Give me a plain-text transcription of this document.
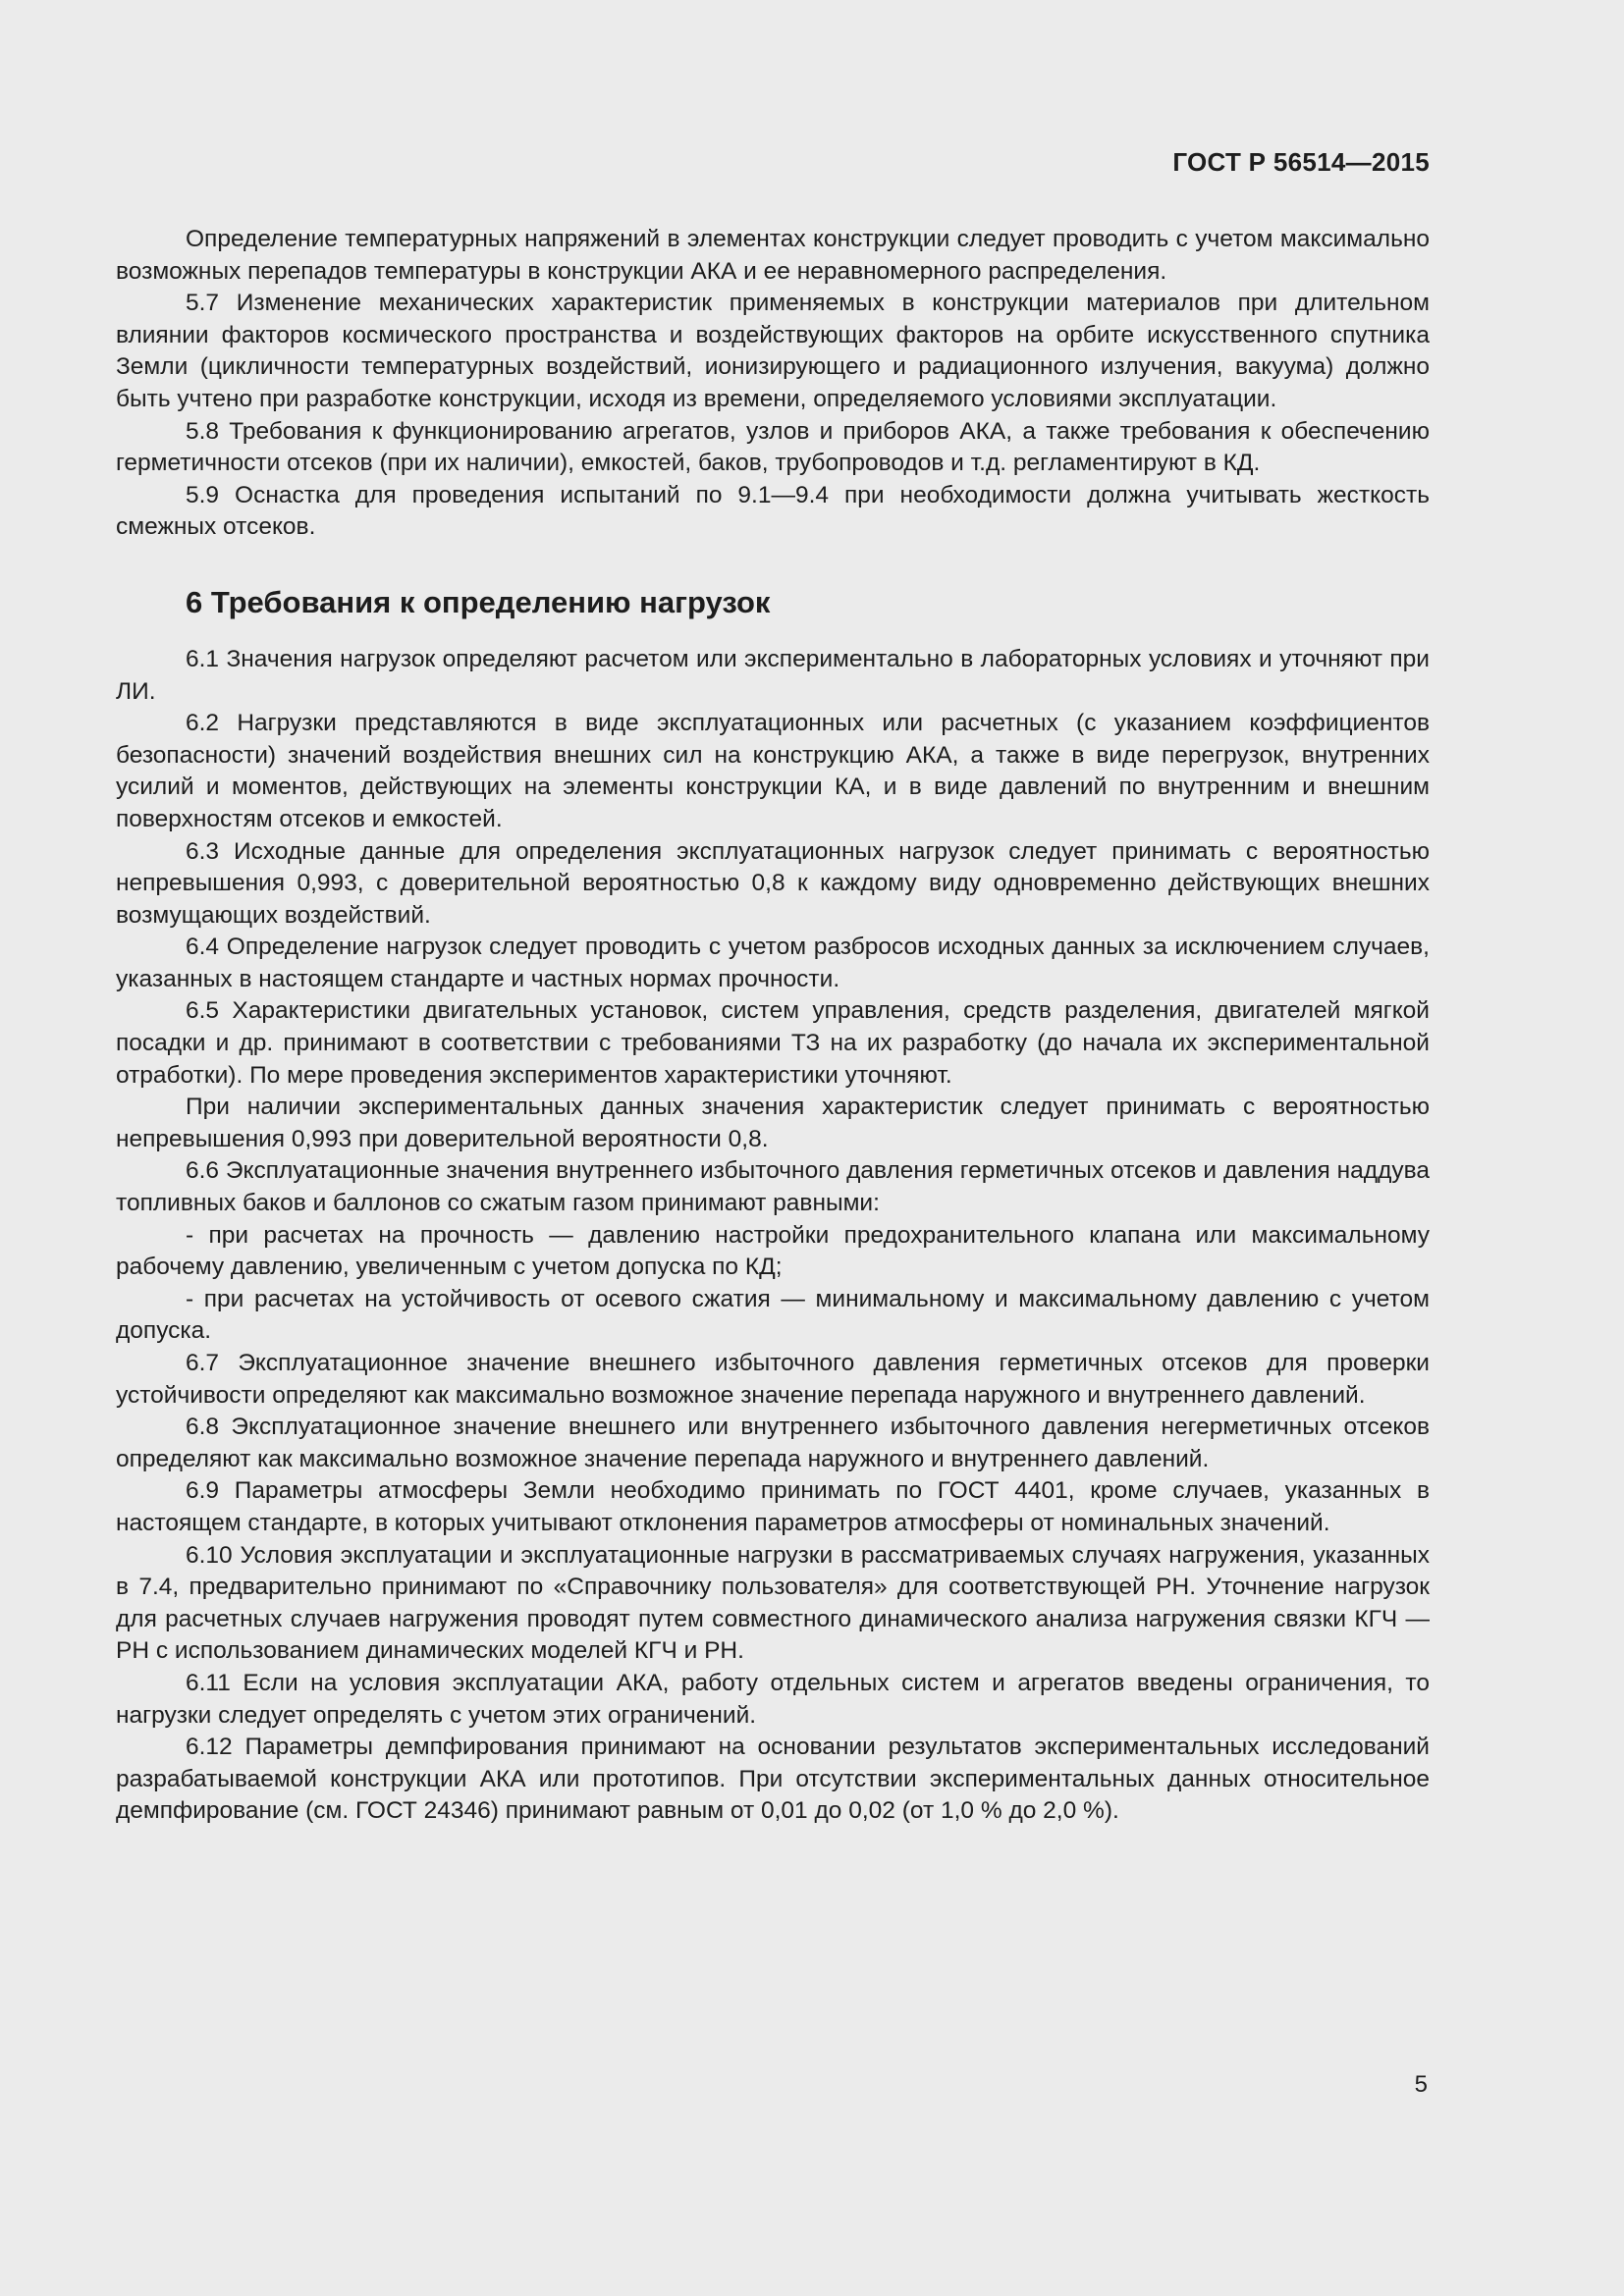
ГОСТ Р 56514—2015

Определение температурных напряжений в элементах конструкции следует проводить с учетом максимально возможных перепадов температуры в конструкции АКА и ее неравномерного распределения.

5.7 Изменение механических характеристик применяемых в конструкции материалов при длительном влиянии факторов космического пространства и воздействующих факторов на орбите искусственного спутника Земли (цикличности температурных воздействий, ионизирующего и радиационного излучения, вакуума) должно быть учтено при разработке конструкции, исходя из времени, определяемого условиями эксплуатации.

5.8 Требования к функционированию агрегатов, узлов и приборов АКА, а также требования к обеспечению герметичности отсеков (при их наличии), емкостей, баков, трубопроводов и т.д. регламентируют в КД.

5.9 Оснастка для проведения испытаний по 9.1—9.4 при необходимости должна учитывать жесткость смежных отсеков.

6 Требования к определению нагрузок

6.1 Значения нагрузок определяют расчетом или экспериментально в лабораторных условиях и уточняют при ЛИ.

6.2 Нагрузки представляются в виде эксплуатационных или расчетных (с указанием коэффициентов безопасности) значений воздействия внешних сил на конструкцию АКА, а также в виде перегрузок, внутренних усилий и моментов, действующих на элементы конструкции КА, и в виде давлений по внутренним и внешним поверхностям отсеков и емкостей.

6.3 Исходные данные для определения эксплуатационных нагрузок следует принимать с вероятностью непревышения 0,993, с доверительной вероятностью 0,8 к каждому виду одновременно действующих внешних возмущающих воздействий.

6.4 Определение нагрузок следует проводить с учетом разбросов исходных данных за исключением случаев, указанных в настоящем стандарте и частных нормах прочности.

6.5 Характеристики двигательных установок, систем управления, средств разделения, двигателей мягкой посадки и др. принимают в соответствии с требованиями ТЗ на их разработку (до начала их экспериментальной отработки). По мере проведения экспериментов характеристики уточняют.

При наличии экспериментальных данных значения характеристик следует принимать с вероятностью непревышения 0,993 при доверительной вероятности 0,8.

6.6 Эксплуатационные значения внутреннего избыточного давления герметичных отсеков и давления наддува топливных баков и баллонов со сжатым газом принимают равными:

- при расчетах на прочность — давлению настройки предохранительного клапана или максимальному рабочему давлению, увеличенным с учетом допуска по КД;

- при расчетах на устойчивость от осевого сжатия — минимальному и максимальному давлению с учетом допуска.

6.7 Эксплуатационное значение внешнего избыточного давления герметичных отсеков для проверки устойчивости определяют как максимально возможное значение перепада наружного и внутреннего давлений.

6.8 Эксплуатационное значение внешнего или внутреннего избыточного давления негерметичных отсеков определяют как максимально возможное значение перепада наружного и внутреннего давлений.

6.9 Параметры атмосферы Земли необходимо принимать по ГОСТ 4401, кроме случаев, указанных в настоящем стандарте, в которых учитывают отклонения параметров атмосферы от номинальных значений.

6.10 Условия эксплуатации и эксплуатационные нагрузки в рассматриваемых случаях нагружения, указанных в 7.4, предварительно принимают по «Справочнику пользователя» для соответствующей РН. Уточнение нагрузок для расчетных случаев нагружения проводят путем совместного динамического анализа нагружения связки КГЧ — РН с использованием динамических моделей КГЧ и РН.

6.11 Если на условия эксплуатации АКА, работу отдельных систем и агрегатов введены ограничения, то нагрузки следует определять с учетом этих ограничений.

6.12 Параметры демпфирования принимают на основании результатов экспериментальных исследований разрабатываемой конструкции АКА или прототипов. При отсутствии экспериментальных данных относительное демпфирование (см. ГОСТ 24346) принимают равным от 0,01 до 0,02 (от 1,0 % до 2,0 %).

5
